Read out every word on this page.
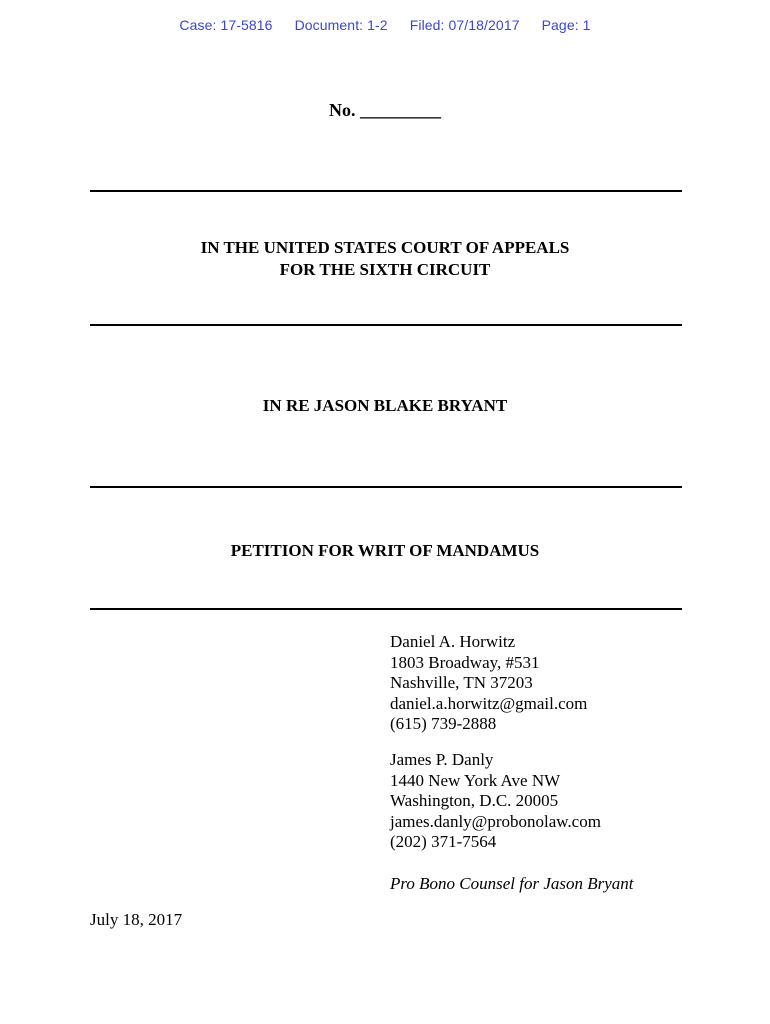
Case: 17-5816 Document: 1-2 Filed: 07/18/2017 Page: 1
No. _________
IN THE UNITED STATES COURT OF APPEALS
FOR THE SIXTH CIRCUIT
IN RE JASON BLAKE BRYANT
PETITION FOR WRIT OF MANDAMUS
Daniel A. Horwitz
1803 Broadway, #531
Nashville, TN 37203
daniel.a.horwitz@gmail.com
(615) 739-2888
James P. Danly
1440 New York Ave NW
Washington, D.C. 20005
james.danly@probonolaw.com
(202) 371-7564
Pro Bono Counsel for Jason Bryant
July 18, 2017
